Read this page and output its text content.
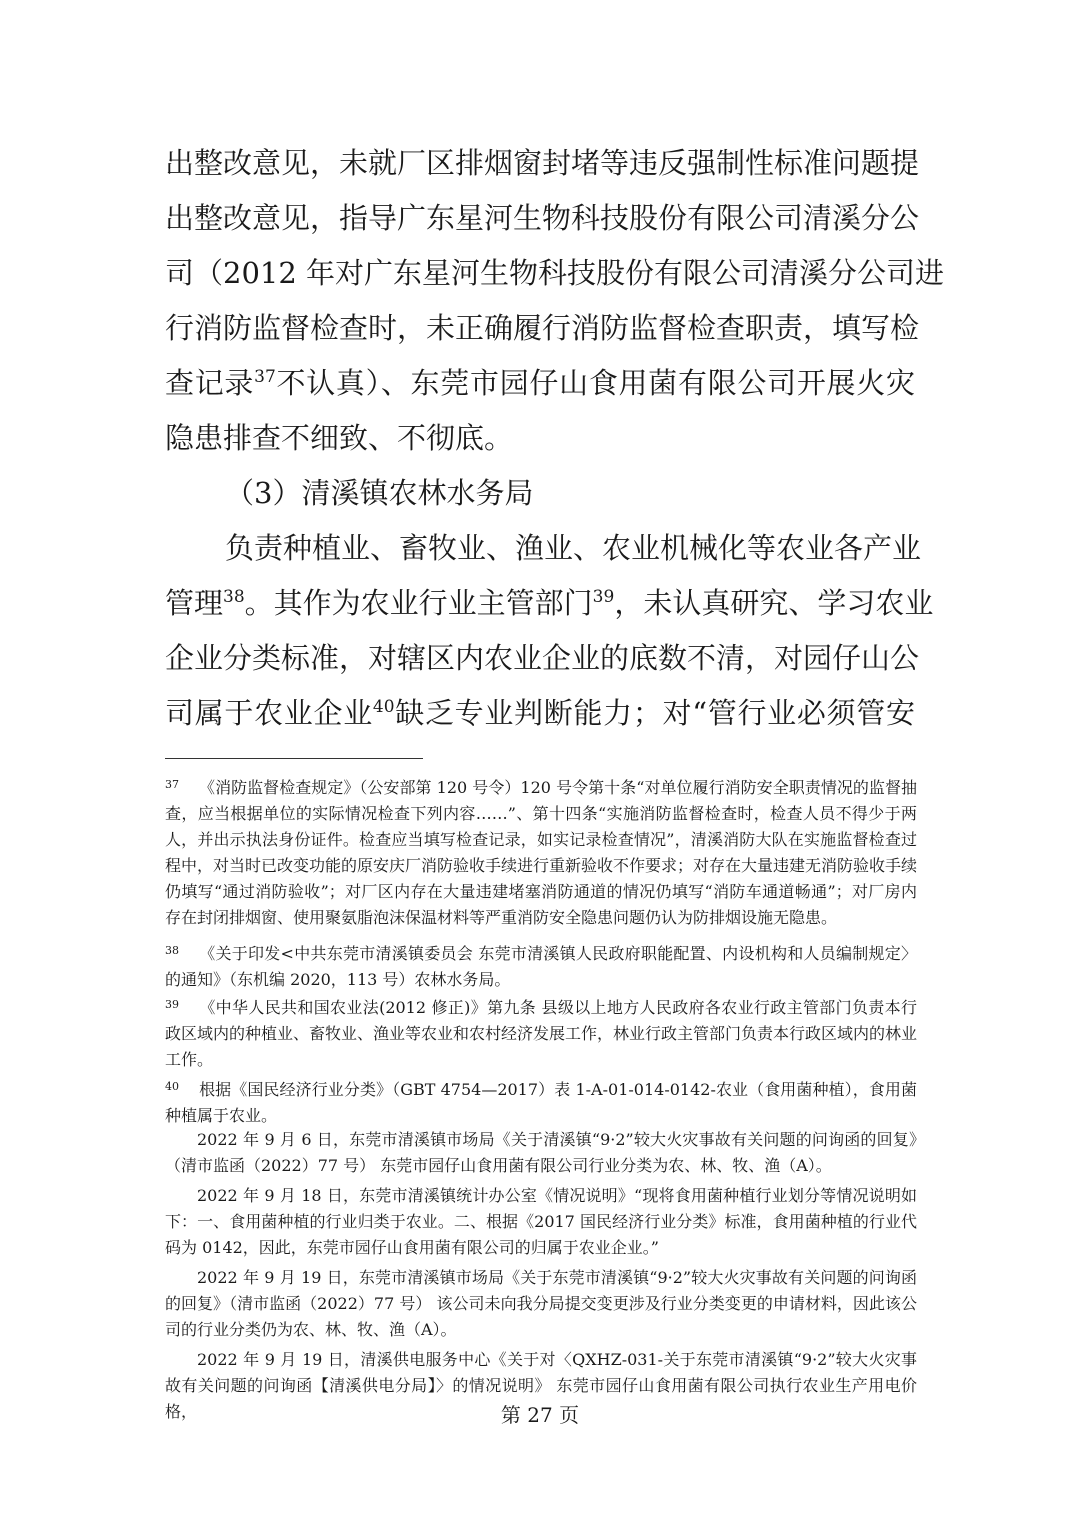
出整改意见，未就厂区排烟窗封堵等违反强制性标准问题提
出整改意见，指导广东星河生物科技股份有限公司清溪分公
司（2012 年对广东星河生物科技股份有限公司清溪分公司进
行消防监督检查时，未正确履行消防监督检查职责，填写检
查记录$^{37}$不认真）、东莞市园仔山食用菌有限公司开展火灾
隐患排查不细致、不彻底。
（3）清溪镇农林水务局
负责种植业、畜牧业、渔业、农业机械化等农业各产业
管理$^{38}$。其作为农业行业主管部门$^{39}$，未认真研究、学习农业
企业分类标准，对辖区内农业企业的底数不清，对园仔山公
司属于农业企业$^{40}$缺乏专业判断能力；对“管行业必须管安
37 《消防监督检查规定》（公安部第 120 号令）120 号令第十条“对单位履行消防安全职责情况的监督抽查，应当根据单位的实际情况检查下列内容……”、第十四条“实施消防监督检查时，检查人员不得少于两人，并出示执法身份证件。检查应当填写检查记录，如实记录检查情况”，清溪消防大队在实施监督检查过程中，对当时已改变功能的原安庆厂消防验收手续进行重新验收不作要求；对存在大量违建无消防验收手续仍填写“通过消防验收”；对厂区内存在大量违建堵塞消防通道的情况仍填写“消防车通道畅通”；对厂房内存在封闭排烟窗、使用聚氨脂泡沫保温材料等严重消防安全隐患问题仍认为防排烟设施无隐患。
38 《关于印发<中共东莞市清溪镇委员会 东莞市清溪镇人民政府职能配置、内设机构和人员编制规定〉的通知》（东机编 2020，113 号）农林水务局。
39 《中华人民共和国农业法(2012 修正)》第九条 县级以上地方人民政府各农业行政主管部门负责本行政区域内的种植业、畜牧业、渔业等农业和农村经济发展工作，林业行政主管部门负责本行政区域内的林业工作。
40 根据《国民经济行业分类》（GBT 4754—2017）表 1-A-01-014-0142-农业（食用菌种植），食用菌种植属于农业。
2022 年 9 月 6 日，东莞市清溪镇市场局《关于清溪镇“9·2”较大火灾事故有关问题的问询函的回复》（清市监函（2022）77 号） 东莞市园仔山食用菌有限公司行业分类为农、林、牧、渔（A）。
2022 年 9 月 18 日，东莞市清溪镇统计办公室《情况说明》“现将食用菌种植行业划分等情况说明如下：一、食用菌种植的行业归类于农业。二、根据《2017 国民经济行业分类》标准，食用菌种植的行业代码为 0142，因此，东莞市园仔山食用菌有限公司的归属于农业企业。”
2022 年 9 月 19 日，东莞市清溪镇市场局《关于东莞市清溪镇“9·2”较大火灾事故有关问题的问询函的回复》（清市监函（2022）77 号） 该公司未向我分局提交变更涉及行业分类变更的申请材料，因此该公司的行业分类仍为农、林、牧、渔（A）。
2022 年 9 月 19 日，清溪供电服务中心《关于对〈QXHZ-031-关于东莞市清溪镇“9·2”较大火灾事故有关问题的问询函【清溪供电分局】〉的情况说明》 东莞市园仔山食用菌有限公司执行农业生产用电价格，	第 27 页
